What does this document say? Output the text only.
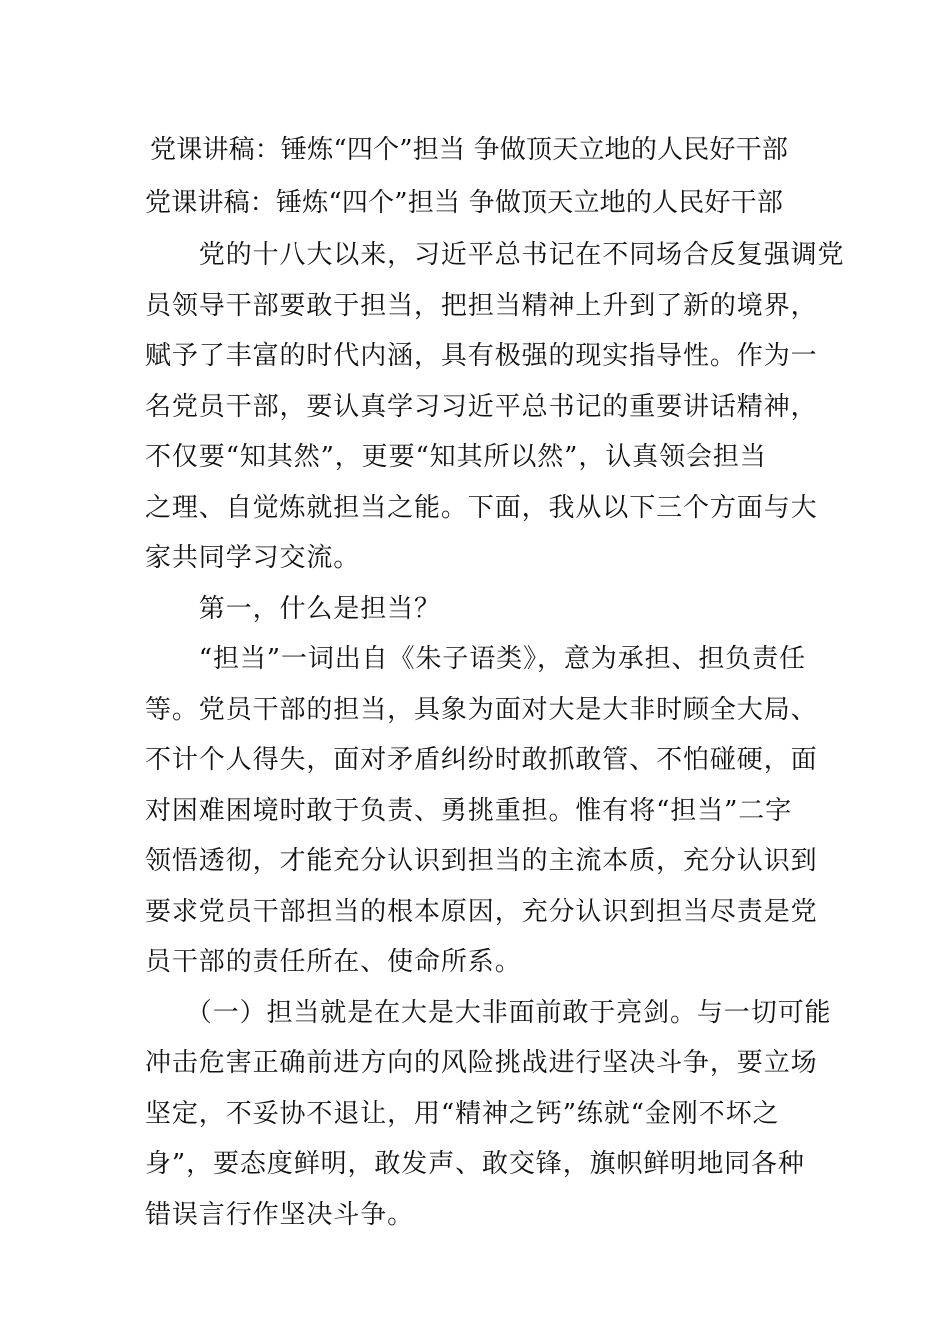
党课讲稿：锤炼“四个”担当 争做顶天立地的人民好干部
党课讲稿：锤炼“四个”担当 争做顶天立地的人民好干部
　　党的十八大以来，习近平总书记在不同场合反复强调党
员领导干部要敢于担当，把担当精神上升到了新的境界，
赋予了丰富的时代内涵，具有极强的现实指导性。作为一
名党员干部，要认真学习习近平总书记的重要讲话精神，
不仅要“知其然”，更要“知其所以然”，认真领会担当
之理、自觉炼就担当之能。下面，我从以下三个方面与大
家共同学习交流。
　　第一，什么是担当？
　　“担当”一词出自《朱子语类》，意为承担、担负责任
等。党员干部的担当，具象为面对大是大非时顾全大局、
不计个人得失，面对矛盾纠纷时敢抓敢管、不怕碰硬，面
对困难困境时敢于负责、勇挑重担。惟有将“担当”二字
领悟透彻，才能充分认识到担当的主流本质，充分认识到
要求党员干部担当的根本原因，充分认识到担当尽责是党
员干部的责任所在、使命所系。
　　（一）担当就是在大是大非面前敢于亮剑。与一切可能
冲击危害正确前进方向的风险挑战进行坚决斗争，要立场
坚定，不妥协不退让，用“精神之钙”练就“金刚不坏之
身”，要态度鲜明，敢发声、敢交锋，旗帜鲜明地同各种
错误言行作坚决斗争。
